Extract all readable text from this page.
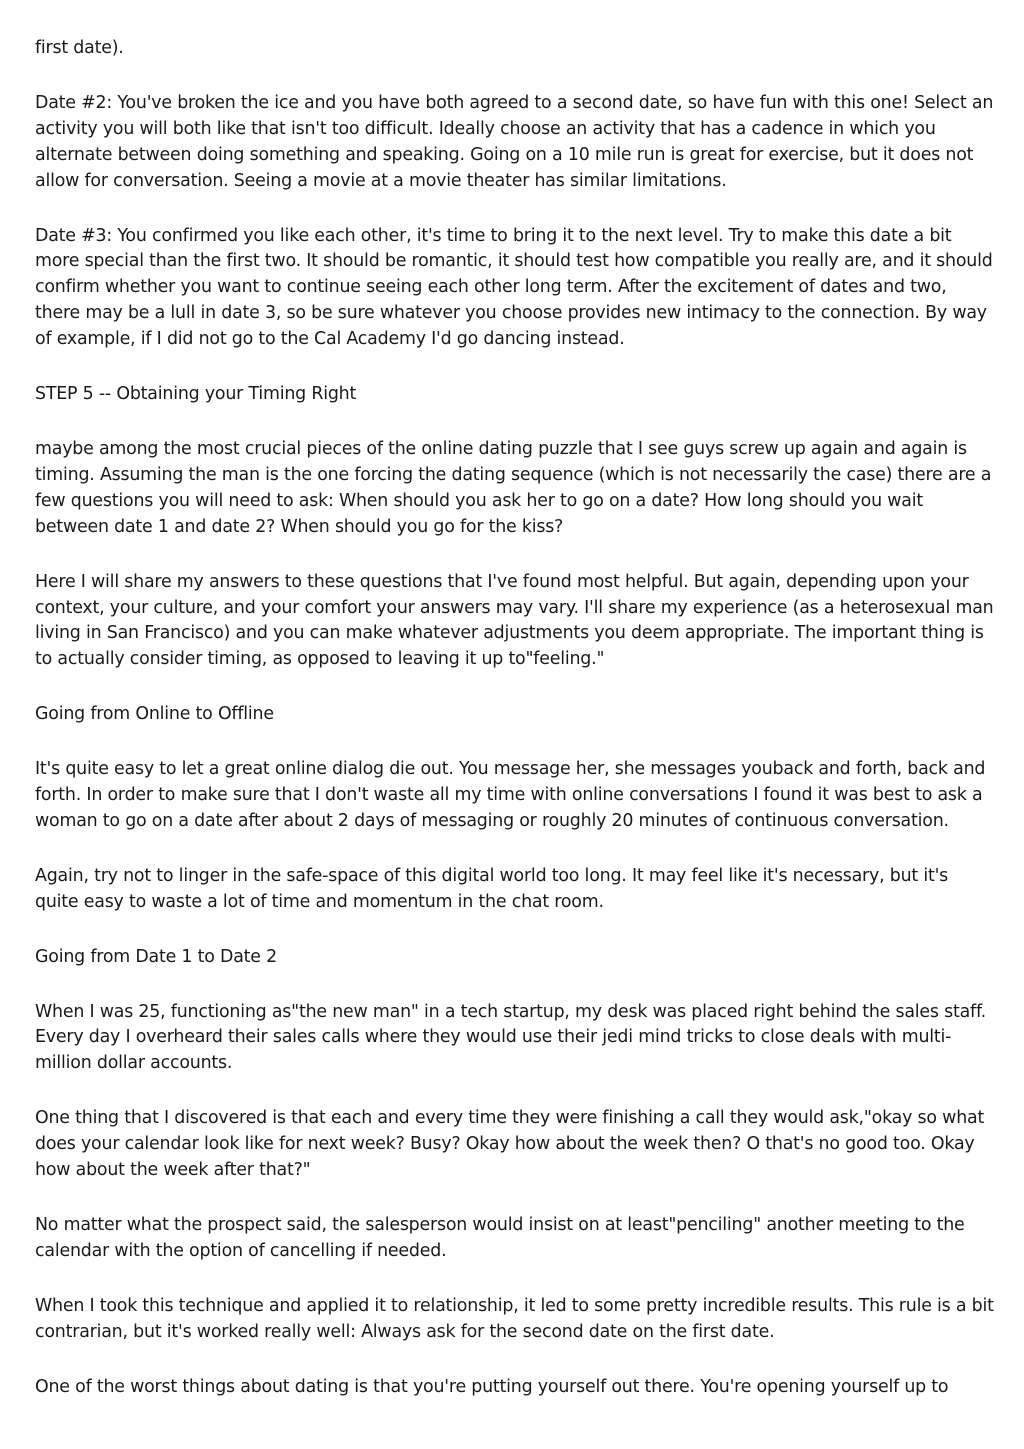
first date).

Date #2: You've broken the ice and you have both agreed to a second date, so have fun with this one! Select an activity you will both like that isn't too difficult. Ideally choose an activity that has a cadence in which you alternate between doing something and speaking. Going on a 10 mile run is great for exercise, but it does not allow for conversation. Seeing a movie at a movie theater has similar limitations.

Date #3: You confirmed you like each other, it's time to bring it to the next level. Try to make this date a bit more special than the first two. It should be romantic, it should test how compatible you really are, and it should confirm whether you want to continue seeing each other long term. After the excitement of dates and two, there may be a lull in date 3, so be sure whatever you choose provides new intimacy to the connection. By way of example, if I did not go to the Cal Academy I'd go dancing instead.

STEP 5 -- Obtaining your Timing Right

maybe among the most crucial pieces of the online dating puzzle that I see guys screw up again and again is timing. Assuming the man is the one forcing the dating sequence (which is not necessarily the case) there are a few questions you will need to ask: When should you ask her to go on a date? How long should you wait between date 1 and date 2? When should you go for the kiss?

Here I will share my answers to these questions that I've found most helpful. But again, depending upon your context, your culture, and your comfort your answers may vary. I'll share my experience (as a heterosexual man living in San Francisco) and you can make whatever adjustments you deem appropriate. The important thing is to actually consider timing, as opposed to leaving it up to"feeling."

Going from Online to Offline

It's quite easy to let a great online dialog die out. You message her, she messages youback and forth, back and forth. In order to make sure that I don't waste all my time with online conversations I found it was best to ask a woman to go on a date after about 2 days of messaging or roughly 20 minutes of continuous conversation.

Again, try not to linger in the safe-space of this digital world too long. It may feel like it's necessary, but it's quite easy to waste a lot of time and momentum in the chat room.

Going from Date 1 to Date 2

When I was 25, functioning as"the new man" in a tech startup, my desk was placed right behind the sales staff. Every day I overheard their sales calls where they would use their jedi mind tricks to close deals with multi-million dollar accounts.

One thing that I discovered is that each and every time they were finishing a call they would ask,"okay so what does your calendar look like for next week? Busy? Okay how about the week then? O that's no good too. Okay how about the week after that?"

No matter what the prospect said, the salesperson would insist on at least"penciling" another meeting to the calendar with the option of cancelling if needed.

When I took this technique and applied it to relationship, it led to some pretty incredible results. This rule is a bit contrarian, but it's worked really well: Always ask for the second date on the first date.

One of the worst things about dating is that you're putting yourself out there. You're opening yourself up to
